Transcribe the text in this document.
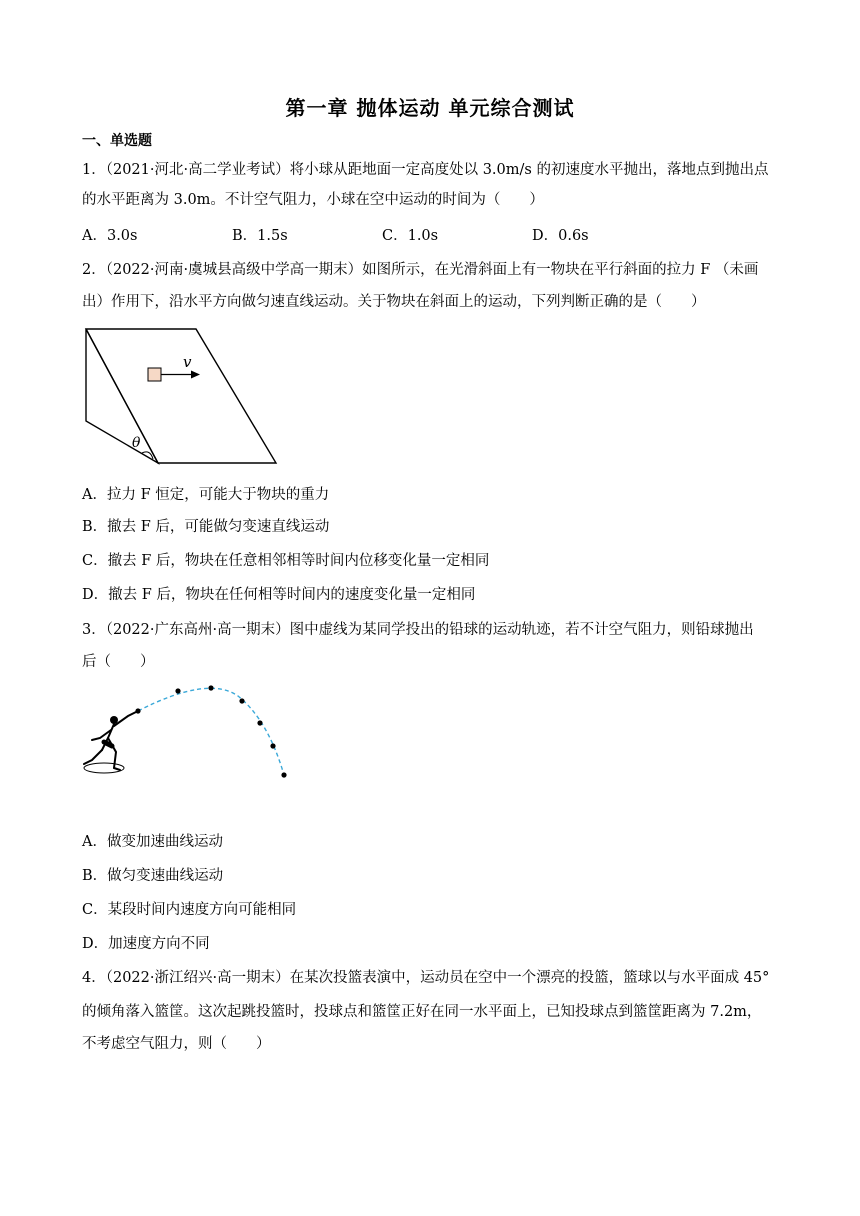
第一章 抛体运动 单元综合测试
一、单选题
1．（2021·河北·高二学业考试）将小球从距地面一定高度处以 3.0m/s 的初速度水平抛出，落地点到抛出点
的水平距离为 3.0m。不计空气阻力，小球在空中运动的时间为（　　）
A．3.0s	B．1.5s	C．1.0s	D．0.6s
2．（2022·河南·虞城县高级中学高一期末）如图所示，在光滑斜面上有一物块在平行斜面的拉力 F （未画
出）作用下，沿水平方向做匀速直线运动。关于物块在斜面上的运动，下列判断正确的是（　　）
v
θ
A．拉力 F 恒定，可能大于物块的重力
B．撤去 F 后，可能做匀变速直线运动
C．撤去 F 后，物块在任意相邻相等时间内位移变化量一定相同
D．撤去 F 后，物块在任何相等时间内的速度变化量一定相同
3．（2022·广东高州·高一期末）图中虚线为某同学投出的铅球的运动轨迹，若不计空气阻力，则铅球抛出
后（　　）
A．做变加速曲线运动
B．做匀变速曲线运动
C．某段时间内速度方向可能相同
D．加速度方向不同
4．（2022·浙江绍兴·高一期末）在某次投篮表演中，运动员在空中一个漂亮的投篮，篮球以与水平面成 45°
的倾角落入篮筐。这次起跳投篮时，投球点和篮筐正好在同一水平面上，已知投球点到篮筐距离为 7.2m，
不考虑空气阻力，则（　　）
